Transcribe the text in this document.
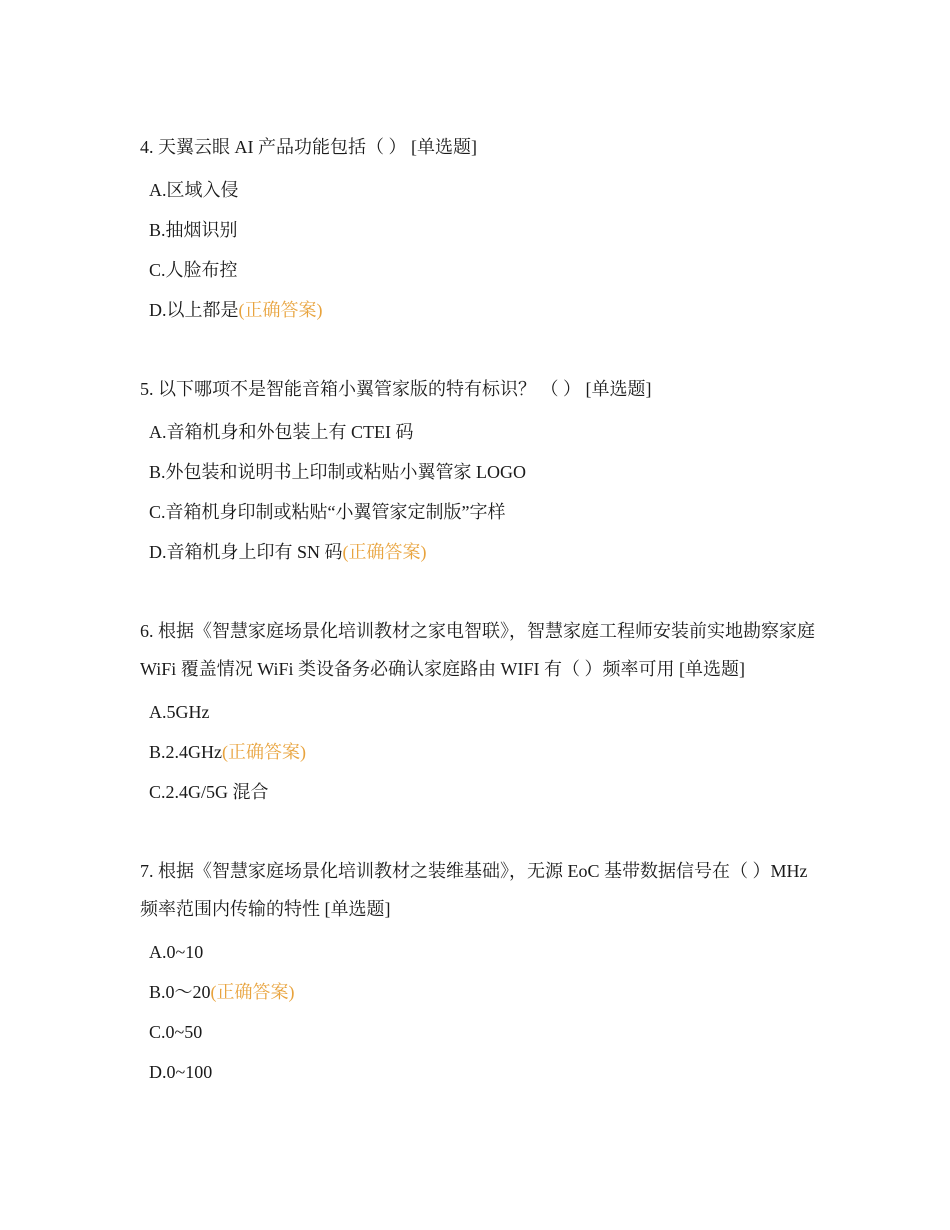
4. 天翼云眼 AI 产品功能包括（ ） [单选题]

A.区域入侵
B.抽烟识别
C.人脸布控
D.以上都是(正确答案)

5. 以下哪项不是智能音箱小翼管家版的特有标识？ （ ） [单选题]

A.音箱机身和外包装上有 CTEI 码
B.外包装和说明书上印制或粘贴小翼管家 LOGO
C.音箱机身印制或粘贴“小翼管家定制版”字样
D.音箱机身上印有 SN 码(正确答案)

6. 根据《智慧家庭场景化培训教材之家电智联》，智慧家庭工程师安装前实地勘察家庭 WiFi 覆盖情况 WiFi 类设备务必确认家庭路由 WIFI 有（ ）频率可用 [单选题]

A.5GHz
B.2.4GHz(正确答案)
C.2.4G/5G 混合

7. 根据《智慧家庭场景化培训教材之装维基础》，无源 EoC 基带数据信号在（ ）MHz 频率范围内传输的特性 [单选题]

A.0~10
B.0～20(正确答案)
C.0~50
D.0~100
